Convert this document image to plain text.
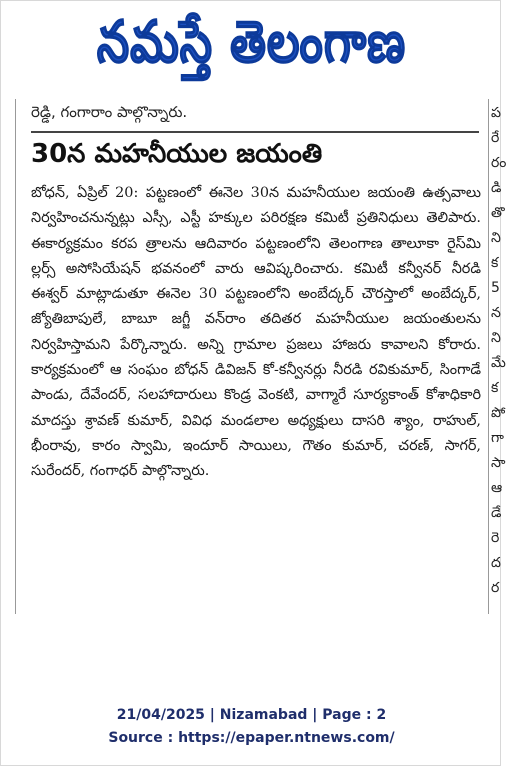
నమస్తే తెలంగాణ
ప
రే
రం
డి
తొ
ని
క
5
న
ని
మే
క
పో
గా
సా
ఆ
డే
రె
ద
ర
రెడ్డి, గంగారాం పాల్గొన్నారు.
30న మహనీయుల జయంతి
బోధన్‌, ఏప్రిల్‌ 20: పట్టణంలో ఈనెల 30న మహనీయుల జయంతి ఉత్సవాలు నిర్వహించనున్నట్లు ఎస్సీ, ఎస్టీ హక్కుల పరిరక్షణ కమిటీ ప్రతినిధులు తెలిపారు. ఈకార్యక్రమం కరప త్రాలను ఆదివారం పట్టణంలోని తెలంగాణ తాలూకా రైస్‌మి ల్లర్స్‌ అసోసియేషన్‌ భవనంలో వారు ఆవిష్కరించారు. కమిటీ కన్వీనర్‌ నీరడి ఈశ్వర్‌ మాట్లాడుతూ ఈనెల 30 పట్టణంలోని అంబేద్కర్‌ చౌరస్తాలో అంబేద్కర్‌, జ్యోతిబాపులే, బాబూ జగ్జీ వన్‌రాం తదితర మహనీయుల జయంతులను నిర్వహిస్తామని పేర్కొన్నారు. అన్ని గ్రామాల ప్రజలు హాజరు కావాలని కోరారు. కార్యక్రమంలో ఆ సంఘం బోధన్‌ డివిజన్‌ కో-కన్వీనర్లు నీరడి రవికుమార్‌, సింగాడే పాండు, దేవేందర్‌, సలహాదారులు కొండ్ర వెంకటి, వాగ్మారే సూర్యకాంత్‌ కోశాధికారి మాదస్తు శ్రావణ్‌ కుమార్‌, వివిధ మండలాల అధ్యక్షులు దాసరి శ్యాం, రాహుల్‌, భీంరావు, కారం స్వామి, ఇందూర్‌ సాయిలు, గౌతం కుమార్‌, చరణ్‌, సాగర్‌, సురేందర్‌, గంగాధర్‌ పాల్గొన్నారు.
21/04/2025 | Nizamabad | Page : 2
Source : https://epaper.ntnews.com/
